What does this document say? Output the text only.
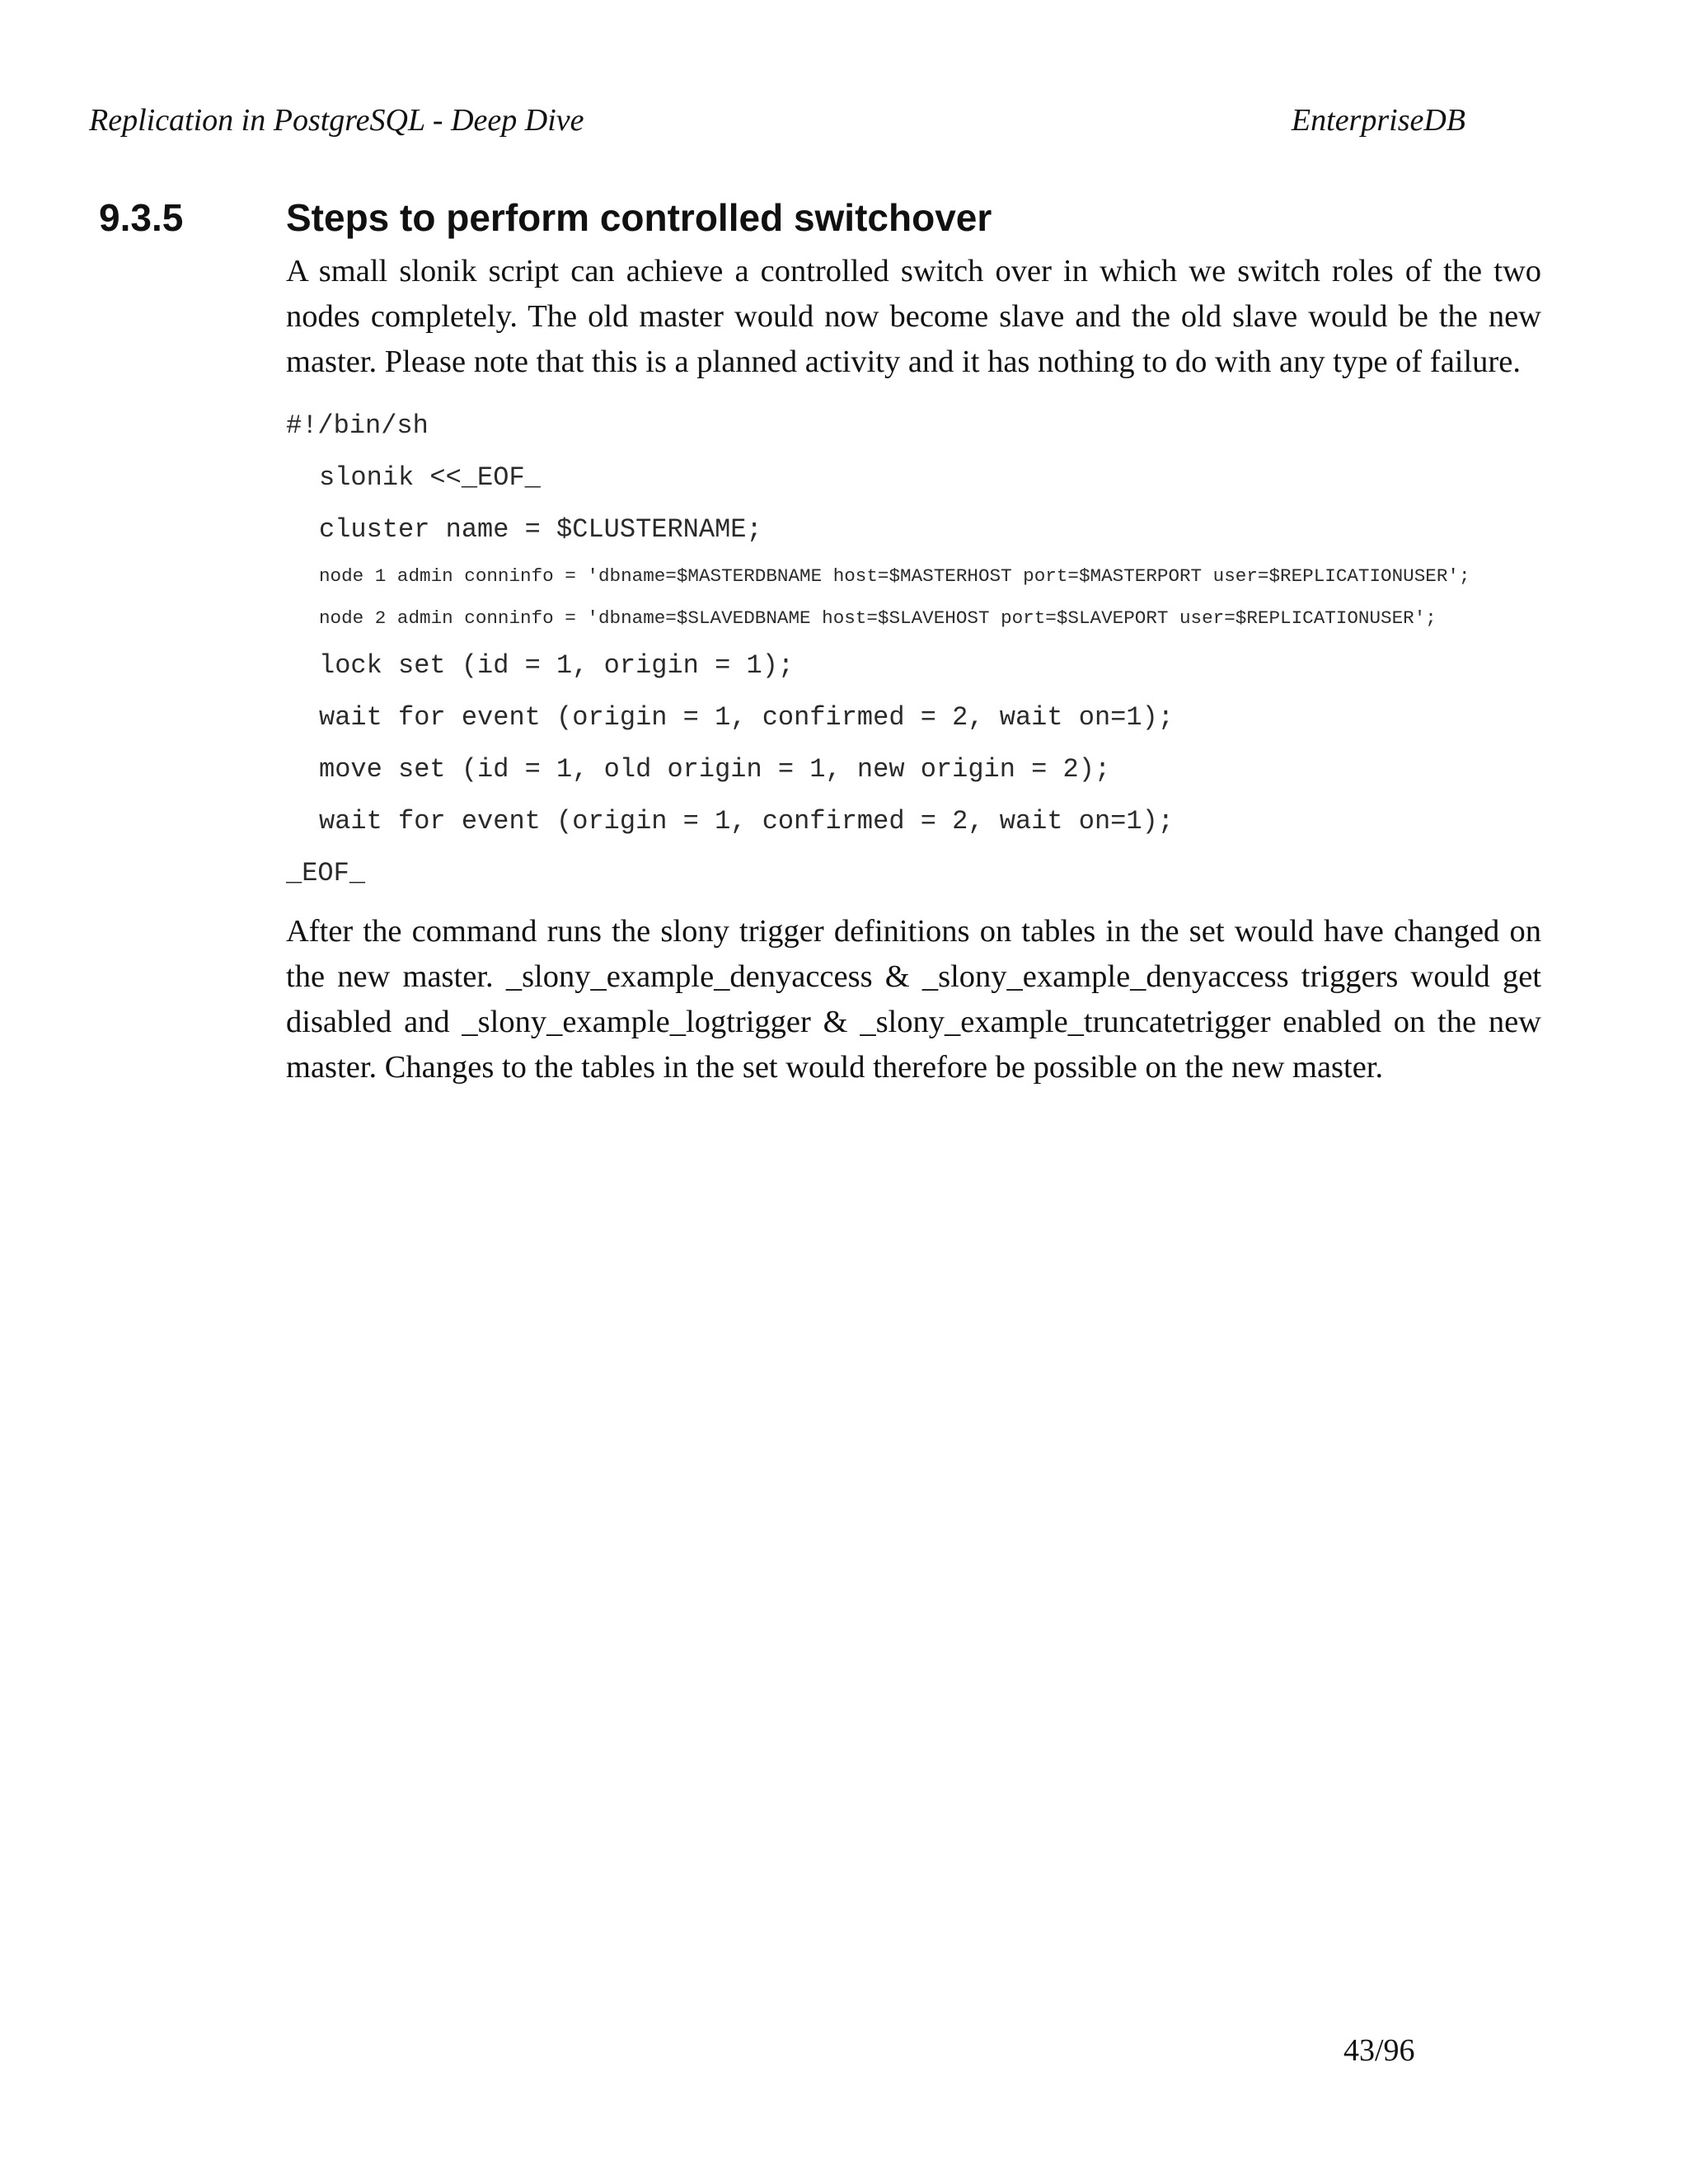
Replication in PostgreSQL - Deep Dive	EnterpriseDB
9.3.5	Steps to perform controlled switchover

A small slonik script can achieve a controlled switch over in which we switch roles of the two nodes completely. The old master would now become slave and the old slave would be the new master. Please note that this is a planned activity and it has nothing to do with any type of failure.

#!/bin/sh
slonik <<_EOF_
cluster name = $CLUSTERNAME;
node 1 admin conninfo = 'dbname=$MASTERDBNAME host=$MASTERHOST port=$MASTERPORT user=$REPLICATIONUSER';
node 2 admin conninfo = 'dbname=$SLAVEDBNAME host=$SLAVEHOST port=$SLAVEPORT user=$REPLICATIONUSER';
lock set (id = 1, origin = 1);
wait for event (origin = 1, confirmed = 2, wait on=1);
move set (id = 1, old origin = 1, new origin = 2);
wait for event (origin = 1, confirmed = 2, wait on=1);
_EOF_

After the command runs the slony trigger definitions on tables in the set would have changed on the new master. _slony_example_denyaccess & _slony_example_denyaccess triggers would get disabled and _slony_example_logtrigger & _slony_example_truncatetrigger enabled on the new master. Changes to the tables in the set would therefore be possible on the new master.

43/96
